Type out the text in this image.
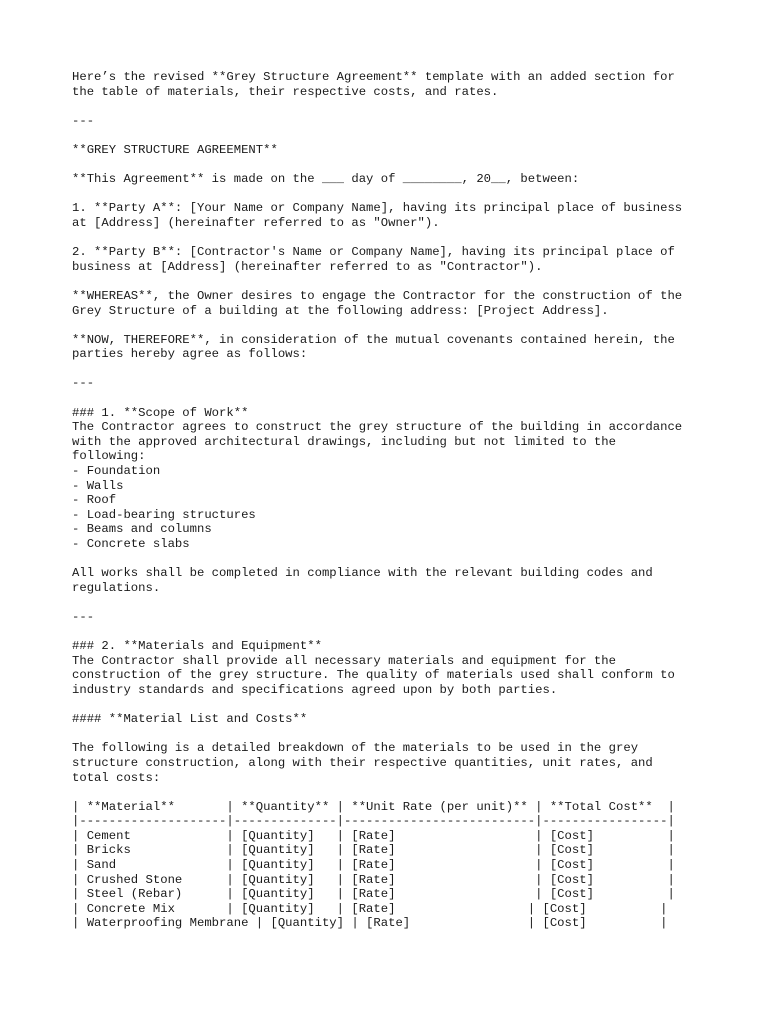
Here’s the revised **Grey Structure Agreement** template with an added section for
the table of materials, their respective costs, and rates.
---
**GREY STRUCTURE AGREEMENT**
**This Agreement** is made on the ___ day of ________, 20__, between:
1. **Party A**: [Your Name or Company Name], having its principal place of business
at [Address] (hereinafter referred to as "Owner").
2. **Party B**: [Contractor's Name or Company Name], having its principal place of
business at [Address] (hereinafter referred to as "Contractor").
**WHEREAS**, the Owner desires to engage the Contractor for the construction of the
Grey Structure of a building at the following address: [Project Address].
**NOW, THEREFORE**, in consideration of the mutual covenants contained herein, the
parties hereby agree as follows:
---
### 1. **Scope of Work**
The Contractor agrees to construct the grey structure of the building in accordance
with the approved architectural drawings, including but not limited to the
following:
- Foundation
- Walls
- Roof
- Load-bearing structures
- Beams and columns
- Concrete slabs
All works shall be completed in compliance with the relevant building codes and
regulations.
---
### 2. **Materials and Equipment**
The Contractor shall provide all necessary materials and equipment for the
construction of the grey structure. The quality of materials used shall conform to
industry standards and specifications agreed upon by both parties.
#### **Material List and Costs**
The following is a detailed breakdown of the materials to be used in the grey
structure construction, along with their respective quantities, unit rates, and
total costs:
| **Material**       | **Quantity** | **Unit Rate (per unit)** | **Total Cost**  |
|--------------------|--------------|--------------------------|-----------------|
| Cement             | [Quantity]   | [Rate]                   | [Cost]          |
| Bricks             | [Quantity]   | [Rate]                   | [Cost]          |
| Sand               | [Quantity]   | [Rate]                   | [Cost]          |
| Crushed Stone      | [Quantity]   | [Rate]                   | [Cost]          |
| Steel (Rebar)      | [Quantity]   | [Rate]                   | [Cost]          |
| Concrete Mix       | [Quantity]   | [Rate]                  | [Cost]          |
| Waterproofing Membrane | [Quantity] | [Rate]                | [Cost]          |
